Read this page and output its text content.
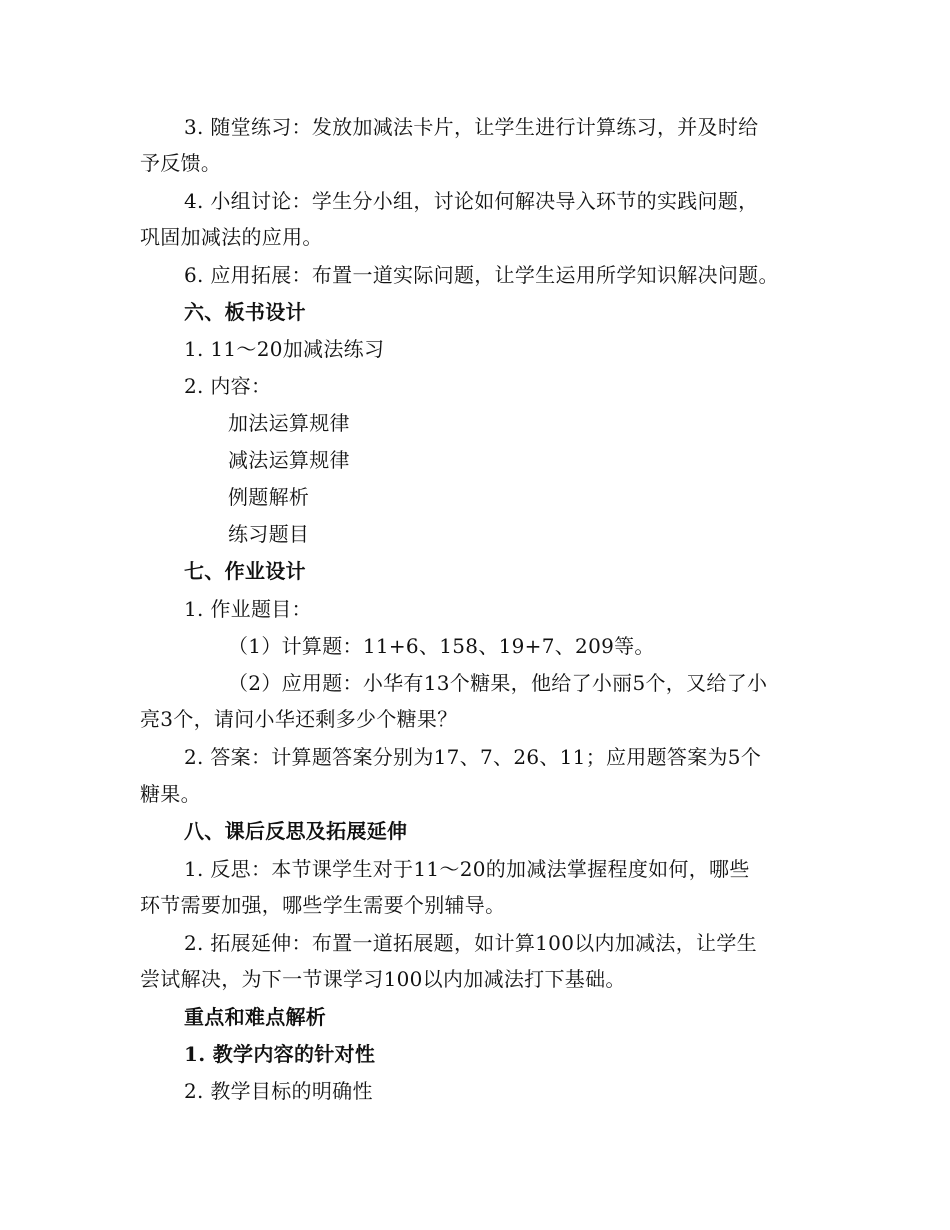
3. 随堂练习：发放加减法卡片，让学生进行计算练习，并及时给
予反馈。
4. 小组讨论：学生分小组，讨论如何解决导入环节的实践问题，
巩固加减法的应用。
6. 应用拓展：布置一道实际问题，让学生运用所学知识解决问题。
六、板书设计
1. 11～20加减法练习
2. 内容：
加法运算规律
减法运算规律
例题解析
练习题目
七、作业设计
1. 作业题目：
（1）计算题：11+6、158、19+7、209等。
（2）应用题：小华有13个糖果，他给了小丽5个，又给了小
亮3个，请问小华还剩多少个糖果？
2. 答案：计算题答案分别为17、7、26、11；应用题答案为5个
糖果。
八、课后反思及拓展延伸
1. 反思：本节课学生对于11～20的加减法掌握程度如何，哪些
环节需要加强，哪些学生需要个别辅导。
2. 拓展延伸：布置一道拓展题，如计算100以内加减法，让学生
尝试解决，为下一节课学习100以内加减法打下基础。
重点和难点解析
1. 教学内容的针对性
2. 教学目标的明确性
